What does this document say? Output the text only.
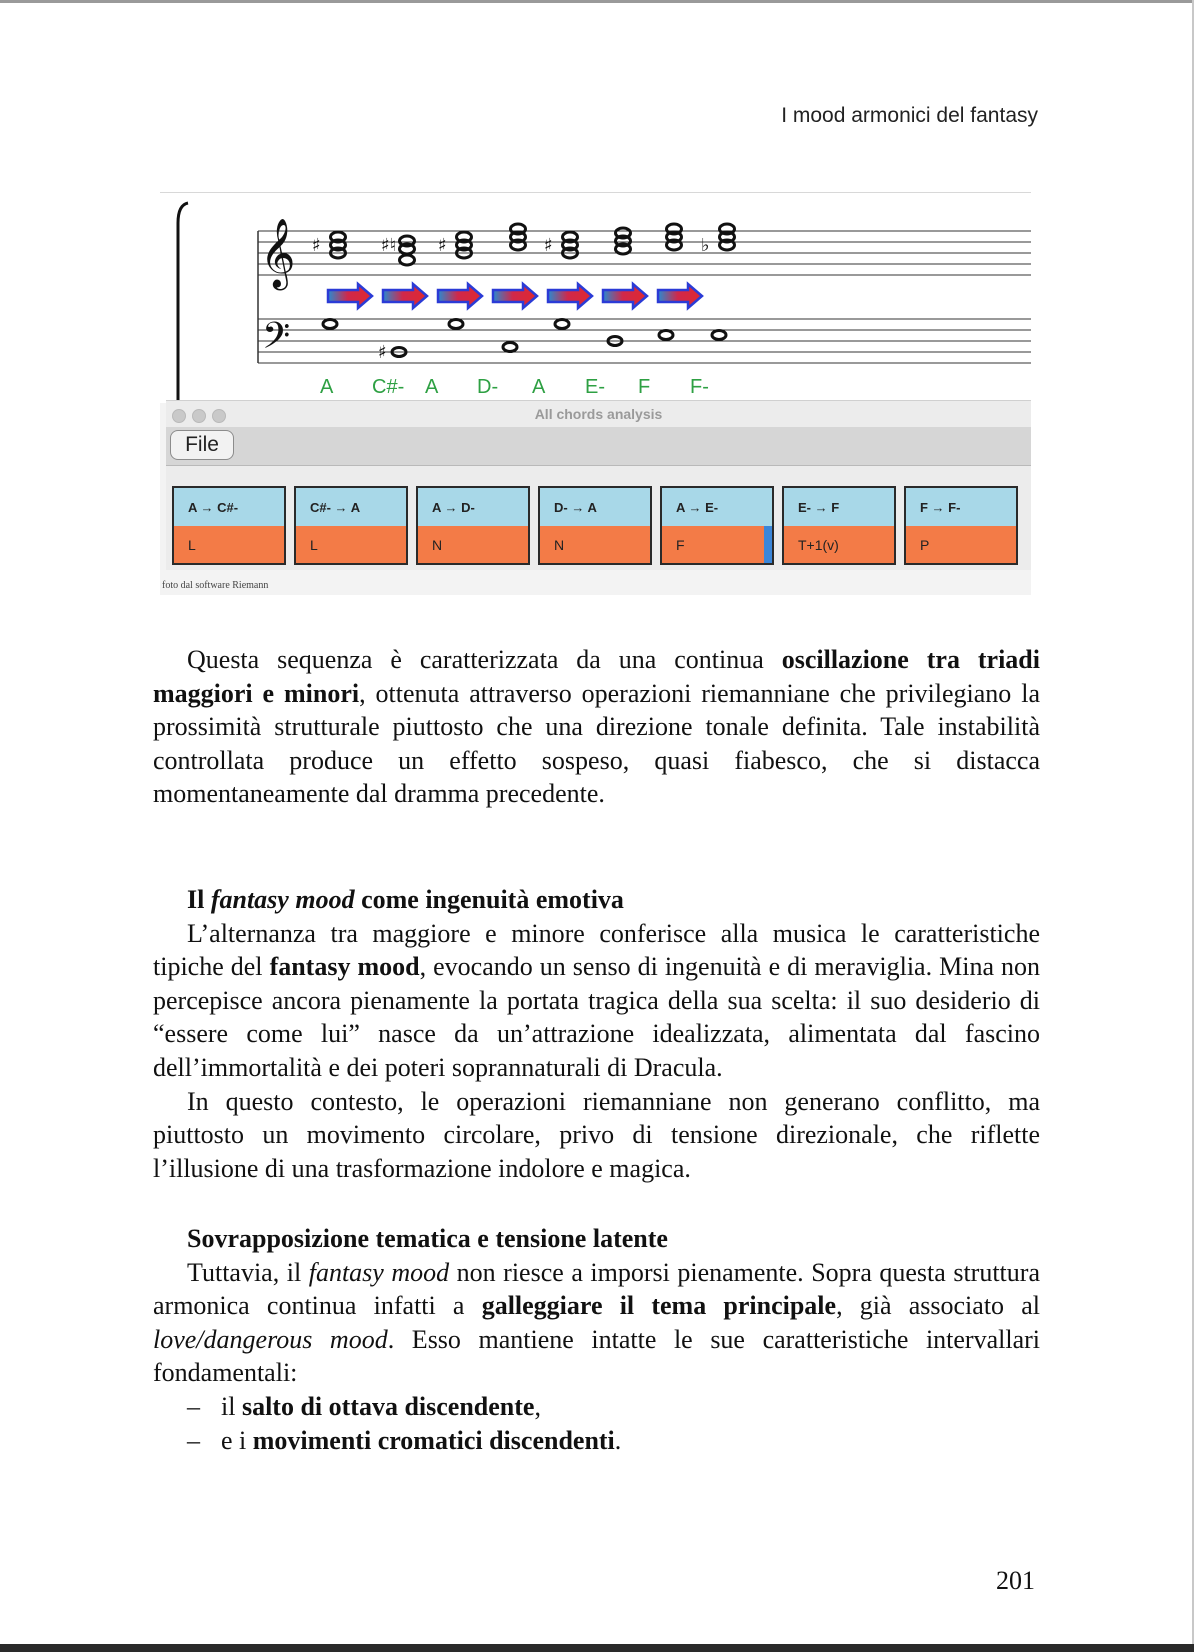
I mood armonici del fantasy
𝄞
𝄢
♯	♯♮ ♯	♯	♭
♯
A C#- A D- A E- F F-
All chords analysis
File
A → C#-
L
C#- → A
L
A → D-
N
D- → A
N
A → E-
F
E- → F
T+1(v)
F → F-
P
foto dal software Riemann

Questa sequenza è caratterizzata da una continua oscillazione tra triadi maggiori e minori, ottenuta attraverso operazioni riemanniane che privilegiano la prossimità strutturale piuttosto che una direzione tonale definita. Tale instabilità controllata produce un effetto sospeso, quasi fiabesco, che si distacca momentaneamente dal dramma precedente.

Il fantasy mood come ingenuità emotiva

L’alternanza tra maggiore e minore conferisce alla musica le caratteristiche tipiche del fantasy mood, evocando un senso di ingenuità e di meraviglia. Mina non percepisce ancora pienamente la portata tragica della sua scelta: il suo desiderio di “essere come lui” nasce da un’attrazione idealizzata, alimentata dal fascino dell’immortalità e dei poteri soprannaturali di Dracula.

In questo contesto, le operazioni riemanniane non generano conflitto, ma piuttosto un movimento circolare, privo di tensione direzionale, che riflette l’illusione di una trasformazione indolore e magica.

Sovrapposizione tematica e tensione latente

Tuttavia, il fantasy mood non riesce a imporsi pienamente. Sopra questa struttura armonica continua infatti a galleggiare il tema principale, già associato al love/dangerous mood. Esso mantiene intatte le sue caratteristiche intervallari fondamentali:

– il salto di ottava discendente,
– e i movimenti cromatici discendenti.
201
